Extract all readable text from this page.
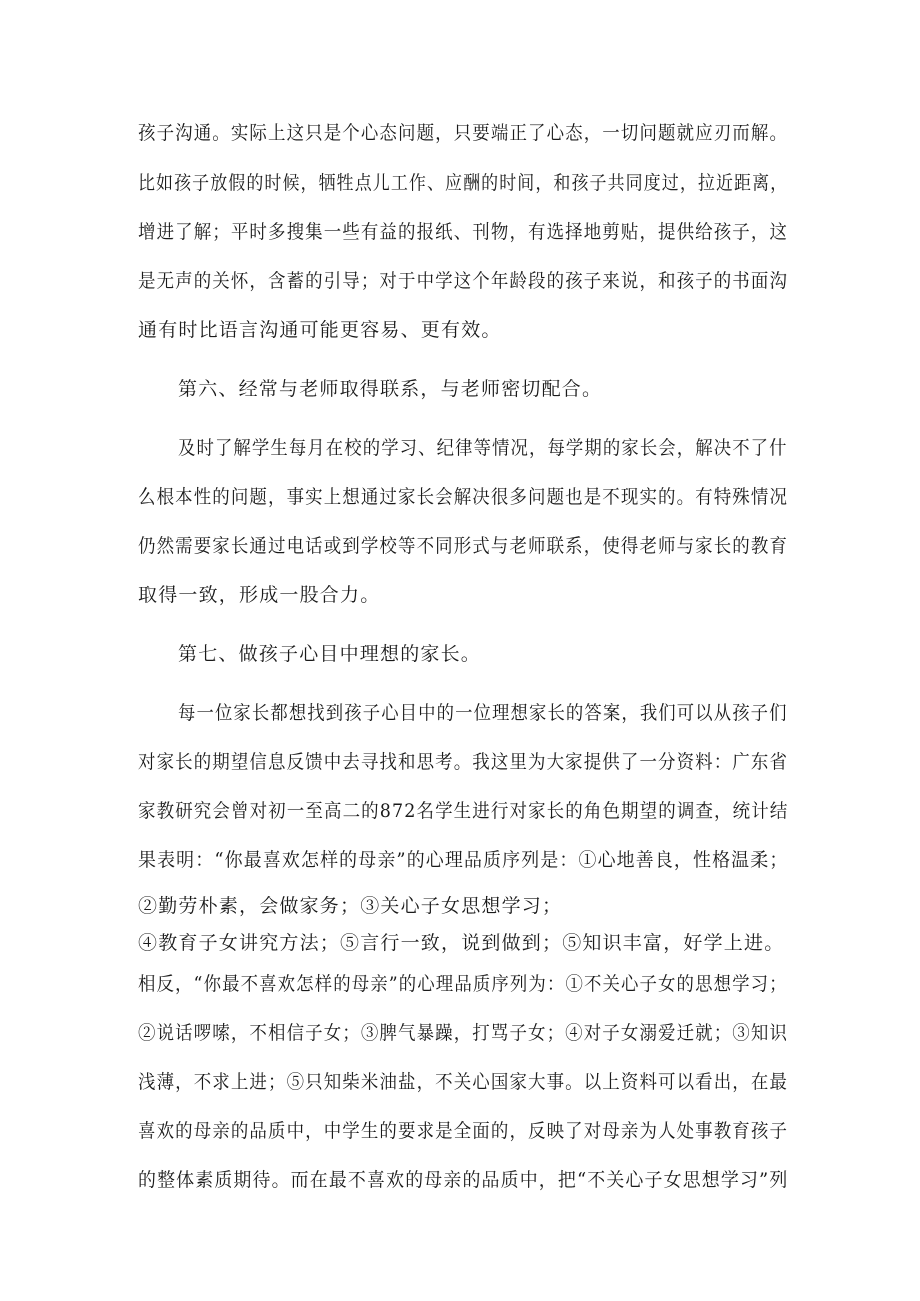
孩子沟通。实际上这只是个心态问题，只要端正了心态，一切问题就应刃而解。
比如孩子放假的时候，牺牲点儿工作、应酬的时间，和孩子共同度过，拉近距离，
增进了解；平时多搜集一些有益的报纸、刊物，有选择地剪贴，提供给孩子，这
是无声的关怀，含蓄的引导；对于中学这个年龄段的孩子来说，和孩子的书面沟
通有时比语言沟通可能更容易、更有效。
第六、经常与老师取得联系，与老师密切配合。
及时了解学生每月在校的学习、纪律等情况，每学期的家长会，解决不了什
么根本性的问题，事实上想通过家长会解决很多问题也是不现实的。有特殊情况
仍然需要家长通过电话或到学校等不同形式与老师联系，使得老师与家长的教育
取得一致，形成一股合力。
第七、做孩子心目中理想的家长。
每一位家长都想找到孩子心目中的一位理想家长的答案，我们可以从孩子们
对家长的期望信息反馈中去寻找和思考。我这里为大家提供了一分资料：广东省
家教研究会曾对初一至高二的872名学生进行对家长的角色期望的调查，统计结
果表明：“你最喜欢怎样的母亲”的心理品质序列是：①心地善良，性格温柔；
②勤劳朴素，会做家务；③关心子女思想学习；
④教育子女讲究方法；⑤言行一致，说到做到；⑤知识丰富，好学上进。
相反，“你最不喜欢怎样的母亲”的心理品质序列为：①不关心子女的思想学习；
②说话啰嗦，不相信子女；③脾气暴躁，打骂子女；④对子女溺爱迁就；③知识
浅薄，不求上进；⑤只知柴米油盐，不关心国家大事。以上资料可以看出，在最
喜欢的母亲的品质中，中学生的要求是全面的，反映了对母亲为人处事教育孩子
的整体素质期待。而在最不喜欢的母亲的品质中，把“不关心子女思想学习”列
